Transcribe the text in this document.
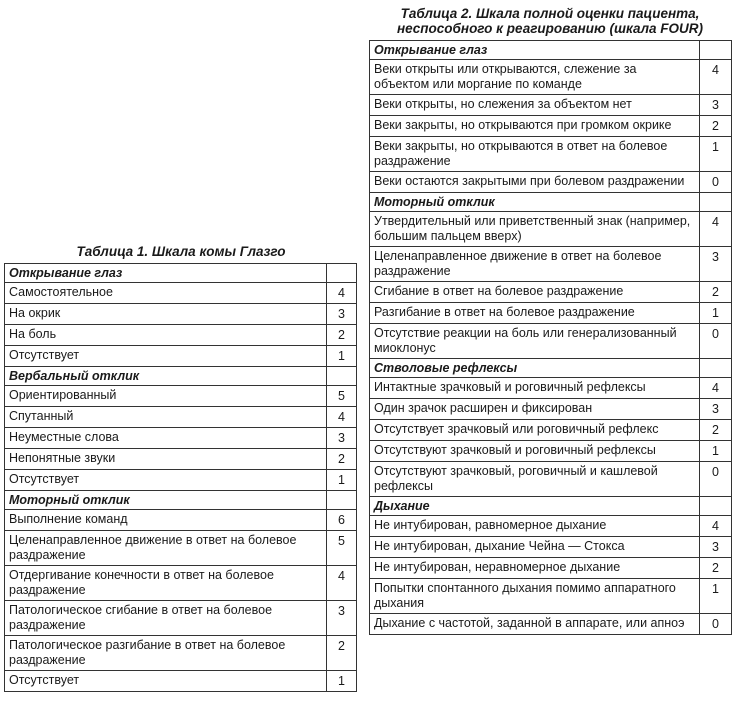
Таблица 1. Шкала комы Глазго
Открывание глаз	
Самостоятельное	4
На окрик	3
На боль	2
Отсутствует	1
Вербальный отклик	
Ориентированный	5
Спутанный	4
Неуместные слова	3
Непонятные звуки	2
Отсутствует	1
Моторный отклик	
Выполнение команд	6
Целенаправленное движение в ответ на болевое раздражение	5
Отдергивание конечности в ответ на болевое раздражение	4
Патологическое сгибание в ответ на болевое раздражение	3
Патологическое разгибание в ответ на болевое раздражение	2
Отсутствует	1
Таблица 2. Шкала полной оценки пациента, неспособного к реагированию (шкала FOUR)
Открывание глаз	
Веки открыты или открываются, слежение за объектом или моргание по команде	4
Веки открыты, но слежения за объектом нет	3
Веки закрыты, но открываются при громком окрике	2
Веки закрыты, но открываются в ответ на болевое раздражение	1
Веки остаются закрытыми при болевом раздражении	0
Моторный отклик	
Утвердительный или приветственный знак (например, большим пальцем вверх)	4
Целенаправленное движение в ответ на болевое раздражение	3
Сгибание в ответ на болевое раздражение	2
Разгибание в ответ на болевое раздражение	1
Отсутствие реакции на боль или генерализованный миоклонус	0
Стволовые рефлексы	
Интактные зрачковый и роговичный рефлексы	4
Один зрачок расширен и фиксирован	3
Отсутствует зрачковый или роговичный рефлекс	2
Отсутствуют зрачковый и роговичный рефлексы	1
Отсутствуют зрачковый, роговичный и кашлевой рефлексы	0
Дыхание	
Не интубирован, равномерное дыхание	4
Не интубирован, дыхание Чейна — Стокса	3
Не интубирован, неравномерное дыхание	2
Попытки спонтанного дыхания помимо аппаратного дыхания	1
Дыхание с частотой, заданной в аппарате, или апноэ	0
